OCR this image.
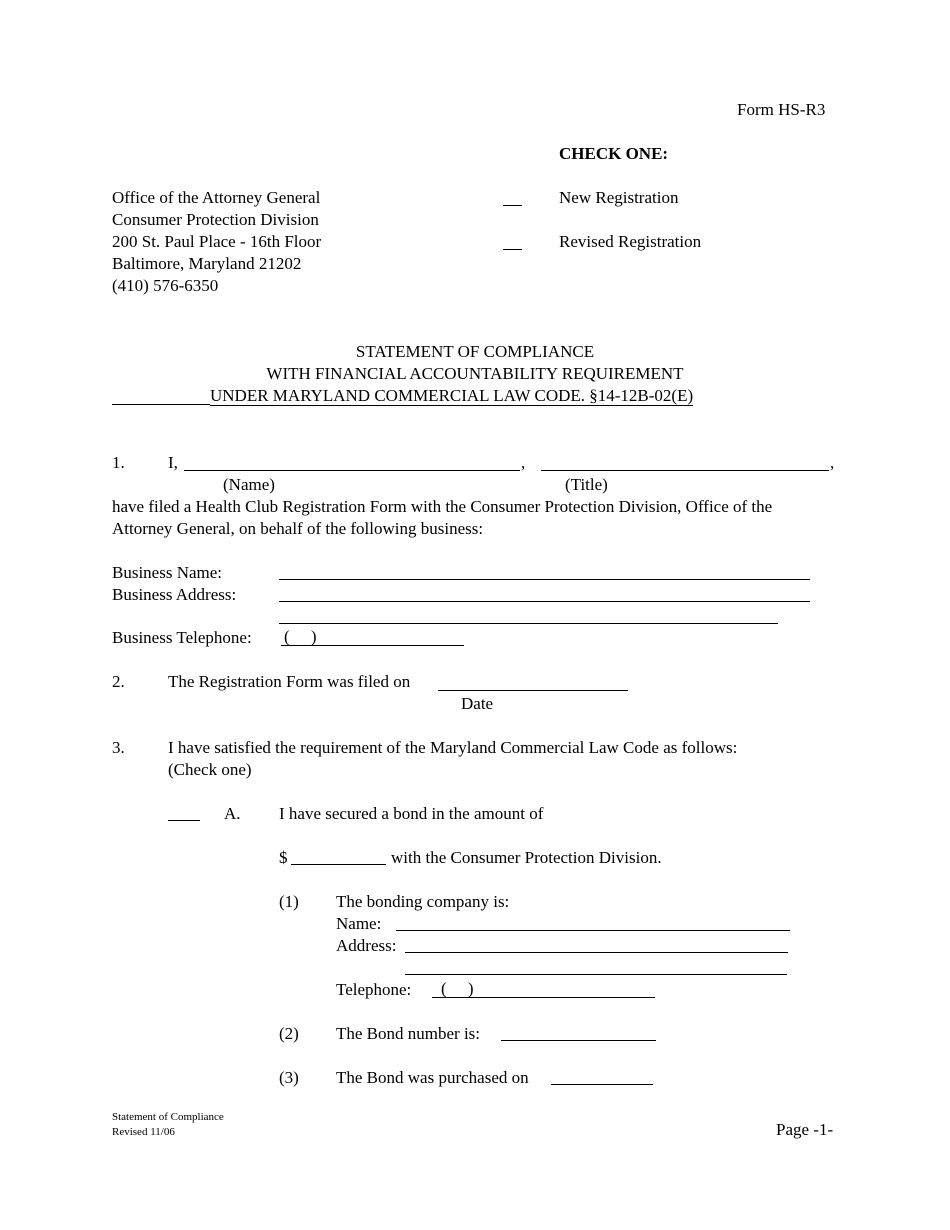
Form HS-R3
CHECK ONE:
New Registration
Revised Registration
Office of the Attorney General
Consumer Protection Division
200 St. Paul Place - 16th Floor
Baltimore, Maryland 21202
(410) 576-6350
STATEMENT OF COMPLIANCE
WITH FINANCIAL ACCOUNTABILITY REQUIREMENT
UNDER MARYLAND COMMERCIAL LAW CODE. §14-12B-02(E)
1.	I,	,	,
(Name)	(Title)
have filed a Health Club Registration Form with the Consumer Protection Division, Office of the
Attorney General, on behalf of the following business:
Business Name:
Business Address:
Business Telephone: (     )
2.	The Registration Form was filed on
Date
3.	I have satisfied the requirement of the Maryland Commercial Law Code as follows:
(Check one)
A. I have secured a bond in the amount of
$	with the Consumer Protection Division.
(1) The bonding company is:
Name:
Address:
Telephone: (     )
(2) The Bond number is:
(3) The Bond was purchased on
Statement of Compliance
Revised 11/06	Page -1-
